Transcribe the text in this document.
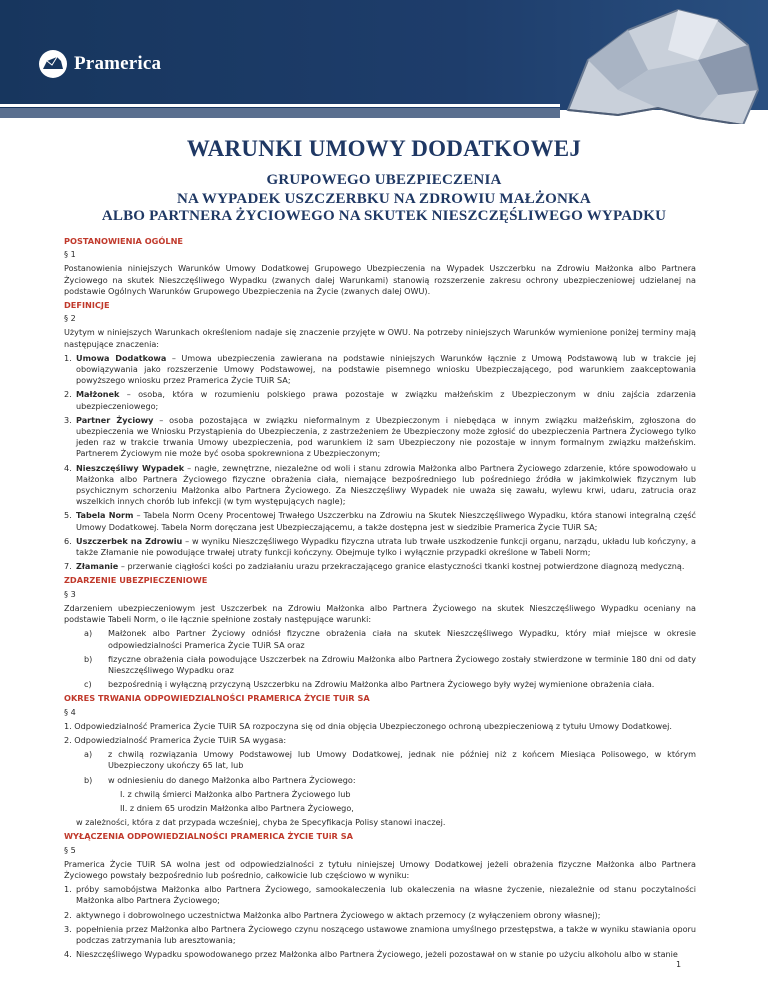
Pramerica
WARUNKI UMOWY DODATKOWEJ
GRUPOWEGO UBEZPIECZENIA
NA WYPADEK USZCZERBKU NA ZDROWIU MAŁŻONKA
ALBO PARTNERA ŻYCIOWEGO NA SKUTEK NIESZCZĘŚLIWEGO WYPADKU
POSTANOWIENIA OGÓLNE
§ 1
Postanowienia niniejszych Warunków Umowy Dodatkowej Grupowego Ubezpieczenia na Wypadek Uszczerbku na Zdrowiu Małżonka albo Partnera Życiowego na skutek Nieszczęśliwego Wypadku (zwanych dalej Warunkami) stanowią rozszerzenie zakresu ochrony ubezpieczeniowej udzielanej na podstawie Ogólnych Warunków Grupowego Ubezpieczenia na Życie (zwanych dalej OWU).
DEFINICJE
§ 2
Użytym w niniejszych Warunkach określeniom nadaje się znaczenie przyjęte w OWU. Na potrzeby niniejszych Warunków wymienione poniżej terminy mają następujące znaczenia:
1. Umowa Dodatkowa – Umowa ubezpieczenia zawierana na podstawie niniejszych Warunków łącznie z Umową Podstawową lub w trakcie jej obowiązywania jako rozszerzenie Umowy Podstawowej, na podstawie pisemnego wniosku Ubezpieczającego, pod warunkiem zaakceptowania powyższego wniosku przez Pramerica Życie TUiR SA;
2. Małżonek – osoba, która w rozumieniu polskiego prawa pozostaje w związku małżeńskim z Ubezpieczonym w dniu zajścia zdarzenia ubezpieczeniowego;
3. Partner Życiowy – osoba pozostająca w związku nieformalnym z Ubezpieczonym i niebędąca w innym związku małżeńskim, zgłoszona do ubezpieczenia we Wniosku Przystąpienia do Ubezpieczenia, z zastrzeżeniem że Ubezpieczony może zgłosić do ubezpieczenia Partnera Życiowego tylko jeden raz w trakcie trwania Umowy ubezpieczenia, pod warunkiem iż sam Ubezpieczony nie pozostaje w innym formalnym związku małżeńskim. Partnerem Życiowym nie może być osoba spokrewniona z Ubezpieczonym;
4. Nieszczęśliwy Wypadek – nagłe, zewnętrzne, niezależne od woli i stanu zdrowia Małżonka albo Partnera Życiowego zdarzenie, które spowodowało u Małżonka albo Partnera Życiowego fizyczne obrażenia ciała, niemające bezpośredniego lub pośredniego źródła w jakimkolwiek fizycznym lub psychicznym schorzeniu Małżonka albo Partnera Życiowego. Za Nieszczęśliwy Wypadek nie uważa się zawału, wylewu krwi, udaru, zatrucia oraz wszelkich innych chorób lub infekcji (w tym występujących nagle);
5. Tabela Norm – Tabela Norm Oceny Procentowej Trwałego Uszczerbku na Zdrowiu na Skutek Nieszczęśliwego Wypadku, która stanowi integralną część Umowy Dodatkowej. Tabela Norm doręczana jest Ubezpieczającemu, a także dostępna jest w siedzibie Pramerica Życie TUiR SA;
6. Uszczerbek na Zdrowiu – w wyniku Nieszczęśliwego Wypadku fizyczna utrata lub trwałe uszkodzenie funkcji organu, narządu, układu lub kończyny, a także Złamanie nie powodujące trwałej utraty funkcji kończyny. Obejmuje tylko i wyłącznie przypadki określone w Tabeli Norm;
7. Złamanie – przerwanie ciągłości kości po zadziałaniu urazu przekraczającego granice elastyczności tkanki kostnej potwierdzone diagnozą medyczną.
ZDARZENIE UBEZPIECZENIOWE
§ 3
Zdarzeniem ubezpieczeniowym jest Uszczerbek na Zdrowiu Małżonka albo Partnera Życiowego na skutek Nieszczęśliwego Wypadku oceniany na podstawie Tabeli Norm, o ile łącznie spełnione zostały następujące warunki:
a) Małżonek albo Partner Życiowy odniósł fizyczne obrażenia ciała na skutek Nieszczęśliwego Wypadku, który miał miejsce w okresie odpowiedzialności Pramerica Życie TUiR SA oraz
b) fizyczne obrażenia ciała powodujące Uszczerbek na Zdrowiu Małżonka albo Partnera Życiowego zostały stwierdzone w terminie 180 dni od daty Nieszczęśliwego Wypadku oraz
c) bezpośrednią i wyłączną przyczyną Uszczerbku na Zdrowiu Małżonka albo Partnera Życiowego były wyżej wymienione obrażenia ciała.
OKRES TRWANIA ODPOWIEDZIALNOŚCI PRAMERICA ŻYCIE TUiR SA
§ 4
1. Odpowiedzialność Pramerica Życie TUiR SA rozpoczyna się od dnia objęcia Ubezpieczonego ochroną ubezpieczeniową z tytułu Umowy Dodatkowej.
2. Odpowiedzialność Pramerica Życie TUiR SA wygasa:
a) z chwilą rozwiązania Umowy Podstawowej lub Umowy Dodatkowej, jednak nie później niż z końcem Miesiąca Polisowego, w którym Ubezpieczony ukończy 65 lat, lub
b) w odniesieniu do danego Małżonka albo Partnera Życiowego:
I. z chwilą śmierci Małżonka albo Partnera Życiowego lub
II. z dniem 65 urodzin Małżonka albo Partnera Życiowego,
w zależności, która z dat przypada wcześniej, chyba że Specyfikacja Polisy stanowi inaczej.
WYŁĄCZENIA ODPOWIEDZIALNOŚCI PRAMERICA ŻYCIE TUiR SA
§ 5
Pramerica Życie TUiR SA wolna jest od odpowiedzialności z tytułu niniejszej Umowy Dodatkowej jeżeli obrażenia fizyczne Małżonka albo Partnera Życiowego powstały bezpośrednio lub pośrednio, całkowicie lub częściowo w wyniku:
1. próby samobójstwa Małżonka albo Partnera Życiowego, samookaleczenia lub okaleczenia na własne życzenie, niezależnie od stanu poczytalności Małżonka albo Partnera Życiowego;
2. aktywnego i dobrowolnego uczestnictwa Małżonka albo Partnera Życiowego w aktach przemocy (z wyłączeniem obrony własnej);
3. popełnienia przez Małżonka albo Partnera Życiowego czynu noszącego ustawowe znamiona umyślnego przestępstwa, a także w wyniku stawiania oporu podczas zatrzymania lub aresztowania;
4. Nieszczęśliwego Wypadku spowodowanego przez Małżonka albo Partnera Życiowego, jeżeli pozostawał on w stanie po użyciu alkoholu albo w stanie
1
